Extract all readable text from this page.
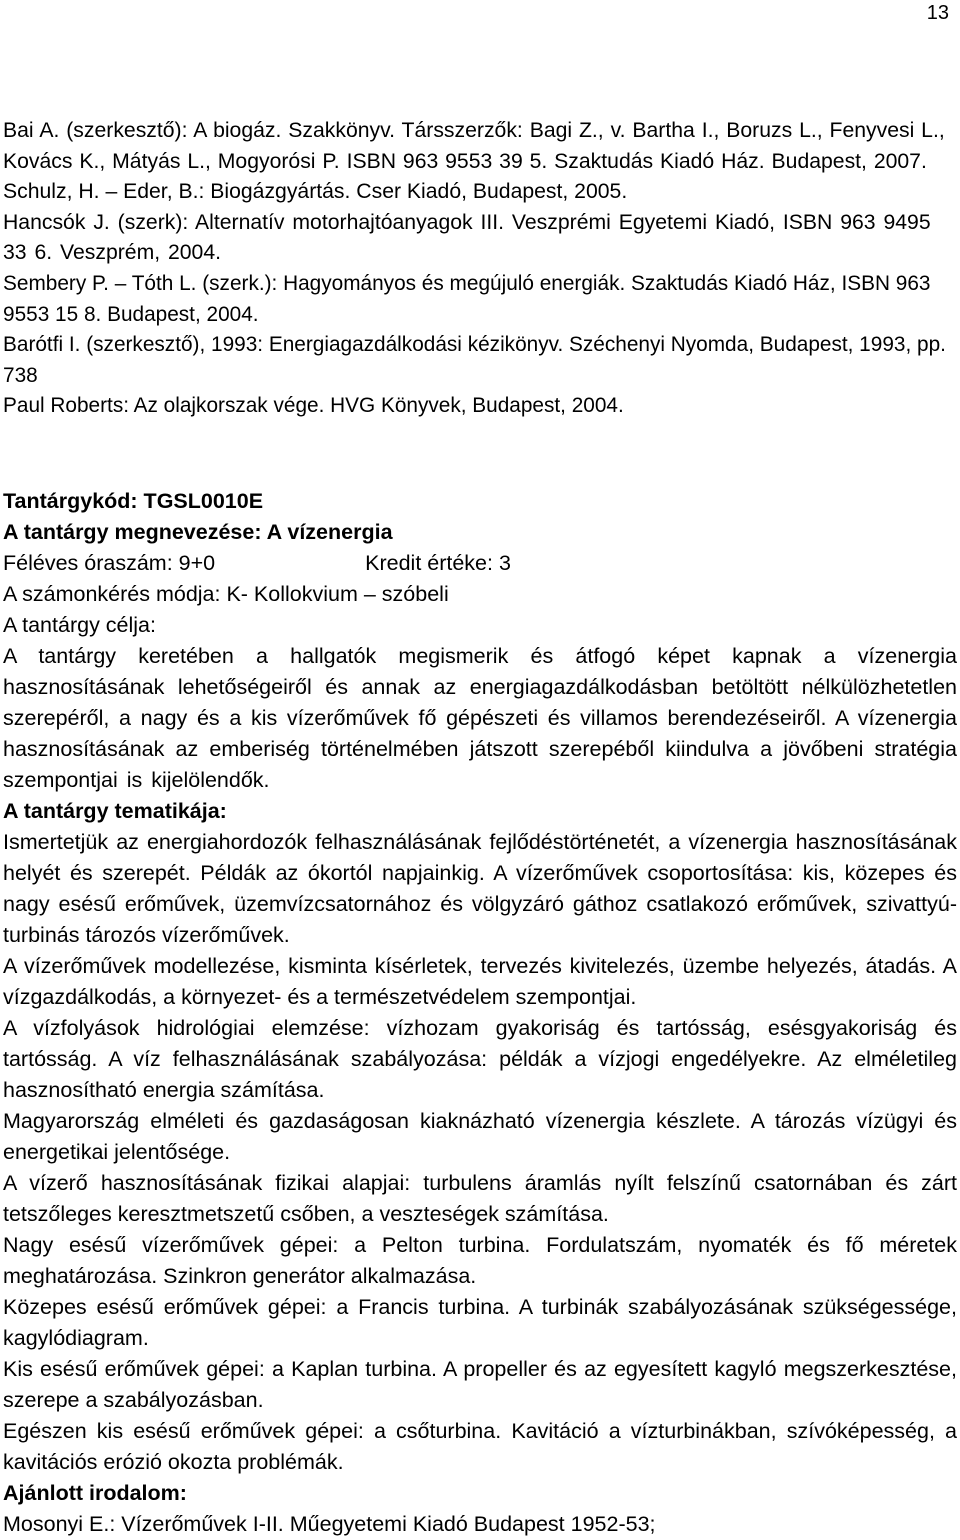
13

Bai A. (szerkesztő): A biogáz. Szakkönyv. Társszerzők: Bagi Z., v. Bartha I., Boruzs L., Fenyvesi L., Kovács K., Mátyás L., Mogyorósi P. ISBN 963 9553 39 5. Szaktudás Kiadó Ház. Budapest, 2007.

Schulz, H. – Eder, B.: Biogázgyártás. Cser Kiadó, Budapest, 2005.

Hancsók J. (szerk): Alternatív motorhajtóanyagok III. Veszprémi Egyetemi Kiadó, ISBN 963 9495 33 6. Veszprém, 2004.

Sembery P. – Tóth L. (szerk.): Hagyományos és megújuló energiák. Szaktudás Kiadó Ház, ISBN 963 9553 15 8. Budapest, 2004.

Barótfi I. (szerkesztő), 1993: Energiagazdálkodási kézikönyv. Széchenyi Nyomda, Budapest, 1993, pp. 738

Paul Roberts: Az olajkorszak vége. HVG Könyvek, Budapest, 2004.

Tantárgykód: TGSL0010E

A tantárgy megnevezése: A vízenergia

Féléves óraszám: 9+0	Kredit értéke: 3

A számonkérés módja: K- Kollokvium – szóbeli

A tantárgy célja:

A tantárgy keretében a hallgatók megismerik és átfogó képet kapnak a vízenergia hasznosításának lehetőségeiről és annak az energiagazdálkodásban betöltött nélkülözhetetlen szerepéről, a nagy és a kis vízerőművek fő gépészeti és villamos berendezéseiről. A vízenergia hasznosításának az emberiség történelmében játszott szerepéből kiindulva a jövőbeni stratégia szempontjai is kijelölendők.

A tantárgy tematikája:

Ismertetjük az energiahordozók felhasználásának fejlődéstörténetét, a vízenergia hasznosításának helyét és szerepét. Példák az ókortól napjainkig. A vízerőművek csoportosítása: kis, közepes és nagy esésű erőművek, üzemvízcsatornához és völgyzáró gáthoz csatlakozó erőművek, szivattyú-turbinás tározós vízerőművek.

A vízerőművek modellezése, kisminta kísérletek, tervezés kivitelezés, üzembe helyezés, átadás. A vízgazdálkodás, a környezet- és a természetvédelem szempontjai.

A vízfolyások hidrológiai elemzése: vízhozam gyakoriság és tartósság, esésgyakoriság és tartósság. A víz felhasználásának szabályozása: példák a vízjogi engedélyekre. Az elméletileg hasznosítható energia számítása.

Magyarország elméleti és gazdaságosan kiaknázható vízenergia készlete. A tározás vízügyi és energetikai jelentősége.

A vízerő hasznosításának fizikai alapjai: turbulens áramlás nyílt felszínű csatornában és zárt tetszőleges keresztmetszetű csőben, a veszteségek számítása.

Nagy esésű vízerőművek gépei: a Pelton turbina. Fordulatszám, nyomaték és fő méretek meghatározása. Szinkron generátor alkalmazása.

Közepes esésű erőművek gépei: a Francis turbina. A turbinák szabályozásának szükségessége, kagylódiagram.

Kis esésű erőművek gépei: a Kaplan turbina. A propeller és az egyesített kagyló megszerkesztése, szerepe a szabályozásban.

Egészen kis esésű erőművek gépei: a csőturbina. Kavitáció a vízturbinákban, szívóképesség, a kavitációs erózió okozta problémák.

Ajánlott irodalom:

Mosonyi E.: Vízerőművek I-II. Műegyetemi Kiadó Budapest 1952-53;
